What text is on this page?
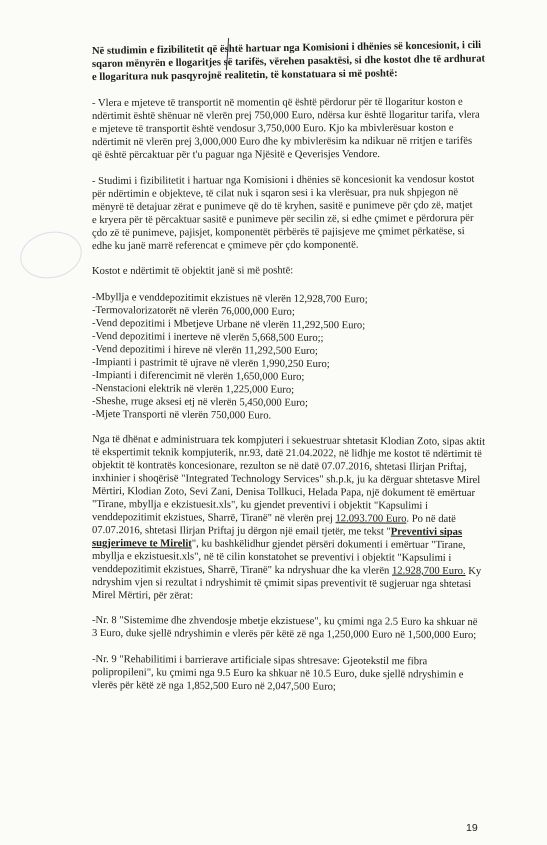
Në studimin e fizibilitetit që është hartuar nga Komisioni i dhënies së koncesionit, i cili
sqaron mënyrën e llogaritjes së tarifës, vërehen pasaktësi, si dhe kostot dhe të ardhurat
e llogaritura nuk pasqyrojnë realitetin, të konstatuara si më poshtë:
- Vlera e mjeteve të transportit në momentin që është përdorur për të llogaritur koston e
ndërtimit është shënuar në vlerën prej 750,000 Euro, ndërsa kur është llogaritur tarifa, vlera
e mjeteve të transportit është vendosur 3,750,000 Euro. Kjo ka mbivlerësuar koston e
ndërtimit në vlerën prej 3,000,000 Euro dhe ky mbivlerësim ka ndikuar në rritjen e tarifës
që është përcaktuar për t'u paguar nga Njësitë e Qeverisjes Vendore.
- Studimi i fizibilitetit i hartuar nga Komisioni i dhënies së koncesionit ka vendosur kostot
për ndërtimin e objekteve, të cilat nuk i sqaron sesi i ka vlerësuar, pra nuk shpjegon në
mënyrë të detajuar zërat e punimeve që do të kryhen, sasitë e punimeve për çdo zë, matjet
e kryera për të përcaktuar sasitë e punimeve për secilin zë, si edhe çmimet e përdorura për
çdo zë të punimeve, pajisjet, komponentët përbërës të pajisjeve me çmimet përkatëse, si
edhe ku janë marrë referencat e çmimeve për çdo komponentë.
Kostot e ndërtimit të objektit janë si më poshtë:
-Mbyllja e venddepozitimit ekzistues në vlerën 12,928,700 Euro;
-Termovalorizatorët në vlerën 76,000,000 Euro;
-Vend depozitimi i Mbetjeve Urbane në vlerën 11,292,500 Euro;
-Vend depozitimi i inerteve në vlerën 5,668,500 Euro;;
-Vend depozitimi i hireve në vlerën 11,292,500 Euro;
-Impianti i pastrimit të ujrave në vlerën 1,990,250 Euro;
-Impianti i diferencimit në vlerën 1,650,000 Euro;
-Nenstacioni elektrik në vlerën 1,225,000 Euro;
-Sheshe, rruge aksesi etj në vlerën 5,450,000 Euro;
-Mjete Transporti në vlerën 750,000 Euro.
Nga të dhënat e administruara tek kompjuteri i sekuestruar shtetasit Klodian Zoto, sipas aktit
të ekspertimit teknik kompjuterik, nr.93, datë 21.04.2022, në lidhje me kostot të ndërtimit të
objektit të kontratës koncesionare, rezulton se në datë 07.07.2016, shtetasi Ilirjan Priftaj,
inxhinier i shoqërisë "Integrated Technology Services" sh.p.k, ju ka dërguar shtetasve Mirel
Mërtiri, Klodian Zoto, Sevi Zani, Denisa Tollkuci, Helada Papa, një dokument të emërtuar
"Tirane, mbyllja e ekzistuesit.xls", ku gjendet preventivi i objektit "Kapsulimi i
venddepozitimit ekzistues, Sharrë, Tiranë" në vlerën prej 12.093.700 Euro. Po në datë
07.07.2016, shtetasi Ilirjan Priftaj ju dërgon një email tjetër, me tekst "Preventivi sipas
sugjerimeve te Mirelit", ku bashkëlidhur gjendet përsëri dokumenti i emërtuar "Tirane,
mbyllja e ekzistuesit.xls", në të cilin konstatohet se preventivi i objektit "Kapsulimi i
venddepozitimit ekzistues, Sharrë, Tiranë" ka ndryshuar dhe ka vlerën 12.928,700 Euro. Ky
ndryshim vjen si rezultat i ndryshimit të çmimit sipas preventivit të sugjeruar nga shtetasi
Mirel Mërtiri, për zërat:
-Nr. 8 "Sistemime dhe zhvendosje mbetje ekzistuese", ku çmimi nga 2.5 Euro ka shkuar në
3 Euro, duke sjellë ndryshimin e vlerës për këtë zë nga 1,250,000 Euro në 1,500,000 Euro;
-Nr. 9 "Rehabilitimi i barrierave artificiale sipas shtresave: Gjeotekstil me fibra
polipropileni", ku çmimi nga 9.5 Euro ka shkuar në 10.5 Euro, duke sjellë ndryshimin e
vlerës për këtë zë nga 1,852,500 Euro në 2,047,500 Euro;
19
